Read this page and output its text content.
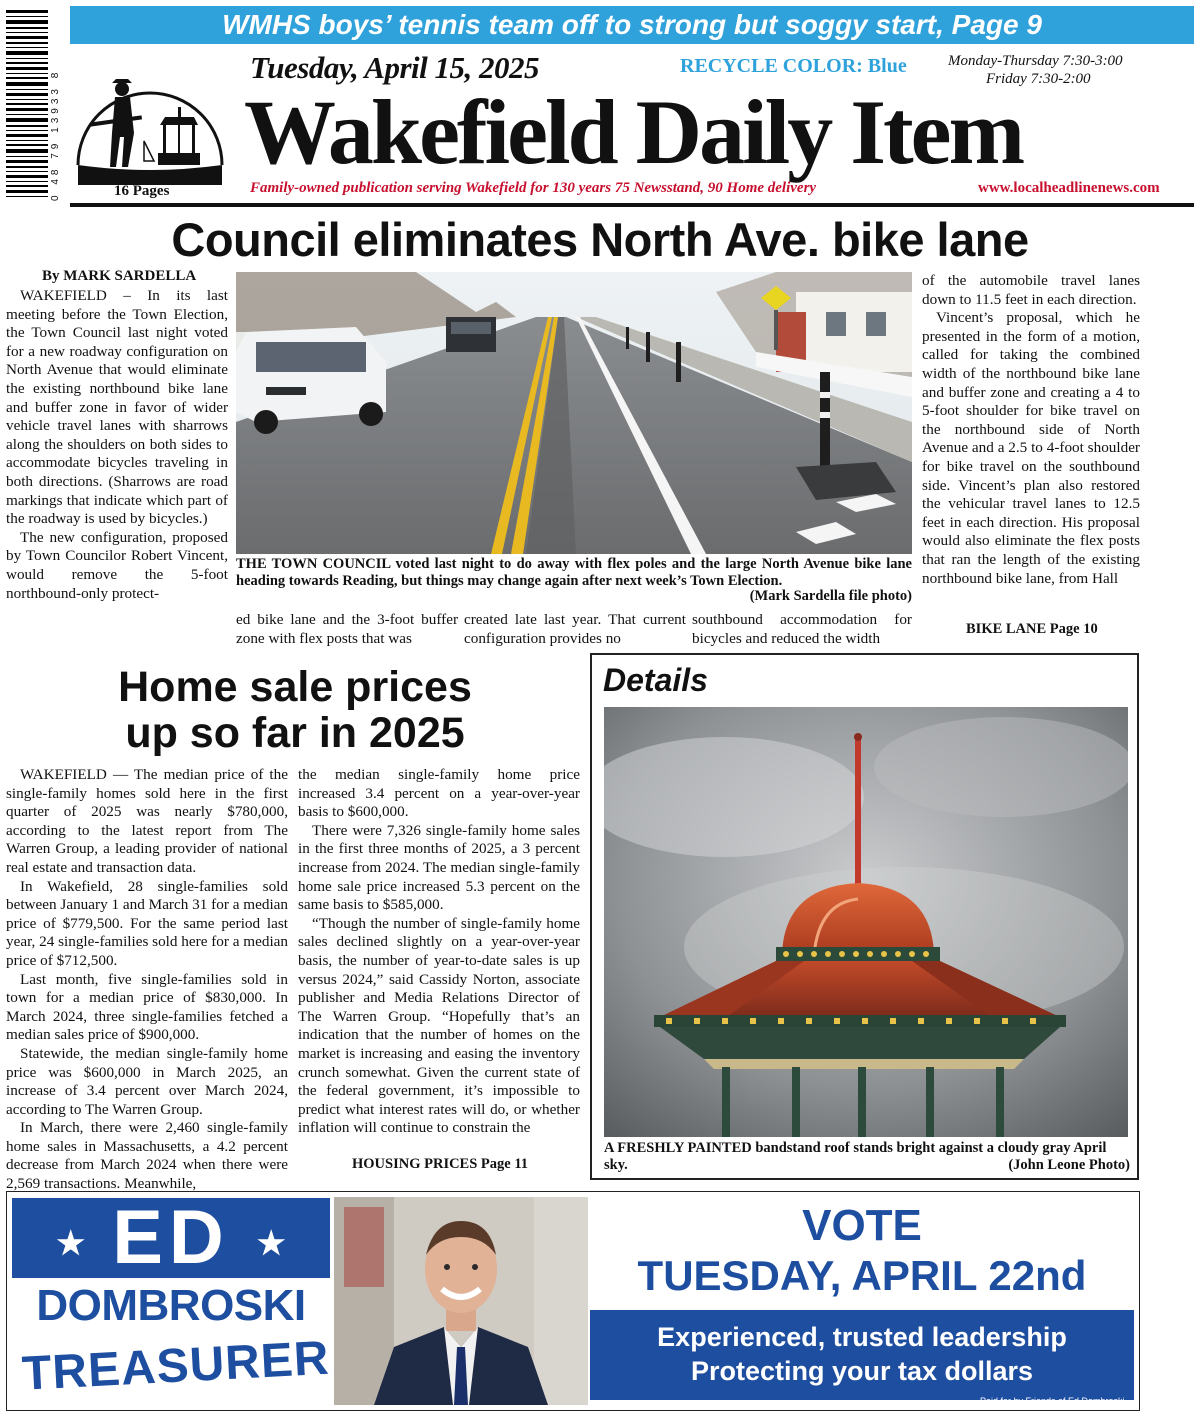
0 48 79 13933 8
WMHS boys’ tennis team off to strong but soggy start, Page 9
16 Pages
Tuesday, April 15, 2025	RECYCLE COLOR: Blue	Monday-Thursday 7:30-3:00
Friday 7:30-2:00
Wakefield Daily Item
Family-owned publication serving Wakefield for 130 years 75 Newsstand, 90 Home delivery	www.localheadlinenews.com
Council eliminates North Ave. bike lane
By MARK SARDELLA

WAKEFIELD – In its last meeting before the Town Election, the Town Council last night voted for a new roadway configuration on North Avenue that would eliminate the existing northbound bike lane and buffer zone in favor of wider vehicle travel lanes with sharrows along the shoulders on both sides to accommodate bicycles traveling in both directions. (Sharrows are road markings that indicate which part of the roadway is used by bicycles.)

The new configuration, proposed by Town Councilor Robert Vincent, would remove the 5-foot northbound-only protect-

THE TOWN COUNCIL voted last night to do away with flex poles and the large North Avenue bike lane heading towards Reading, but things may change again after next week’s Town Election.
(Mark Sardella file photo)

ed bike lane and the 3-foot buffer zone with flex posts that was

created late last year. That current configuration provides no

southbound accommodation for bicycles and reduced the width

of the automobile travel lanes down to 11.5 feet in each direction.

Vincent’s proposal, which he presented in the form of a motion, called for taking the combined width of the northbound bike lane and buffer zone and creating a 4 to 5-foot shoulder for bike travel on the northbound side of North Avenue and a 2.5 to 4-foot shoulder for bike travel on the southbound side. Vincent’s plan also restored the vehicular travel lanes to 12.5 feet in each direction. His proposal would also eliminate the flex posts that ran the length of the existing northbound bike lane, from Hall

BIKE LANE Page 10
Home sale prices
up so far in 2025

WAKEFIELD — The median price of the single-family homes sold here in the first quarter of 2025 was nearly $780,000, according to the latest report from The Warren Group, a leading provider of national real estate and transaction data.

In Wakefield, 28 single-families sold between January 1 and March 31 for a median price of $779,500. For the same period last year, 24 single-families sold here for a median price of $712,500.

Last month, five single-families sold in town for a median price of $830,000. In March 2024, three single-families fetched a median sales price of $900,000.

Statewide, the median single-family home price was $600,000 in March 2025, an increase of 3.4 percent over March 2024, according to The Warren Group.

In March, there were 2,460 single-family home sales in Massachusetts, a 4.2 percent decrease from March 2024 when there were 2,569 transactions. Meanwhile,

the median single-family home price increased 3.4 percent on a year-over-year basis to $600,000.

There were 7,326 single-family home sales in the first three months of 2025, a 3 percent increase from 2024. The median single-family home sale price increased 5.3 percent on the same basis to $585,000.

“Though the number of single-family home sales declined slightly on a year-over-year basis, the number of year-to-date sales is up versus 2024,” said Cassidy Norton, associate publisher and Media Relations Director of The Warren Group. “Hopefully that’s an indication that the number of homes on the market is increasing and easing the inventory crunch somewhat. Given the current state of the federal government, it’s impossible to predict what interest rates will do, or whether inflation will continue to constrain the

HOUSING PRICES Page 11
Details
A FRESHLY PAINTED bandstand roof stands bright against a cloudy gray April sky.	(John Leone Photo)
★ ED ★
DOMBROSKI
TREASURER
VOTE
TUESDAY, APRIL 22nd
Experienced, trusted leadership
Protecting your tax dollars
Paid for by Friends of Ed Dombroski
